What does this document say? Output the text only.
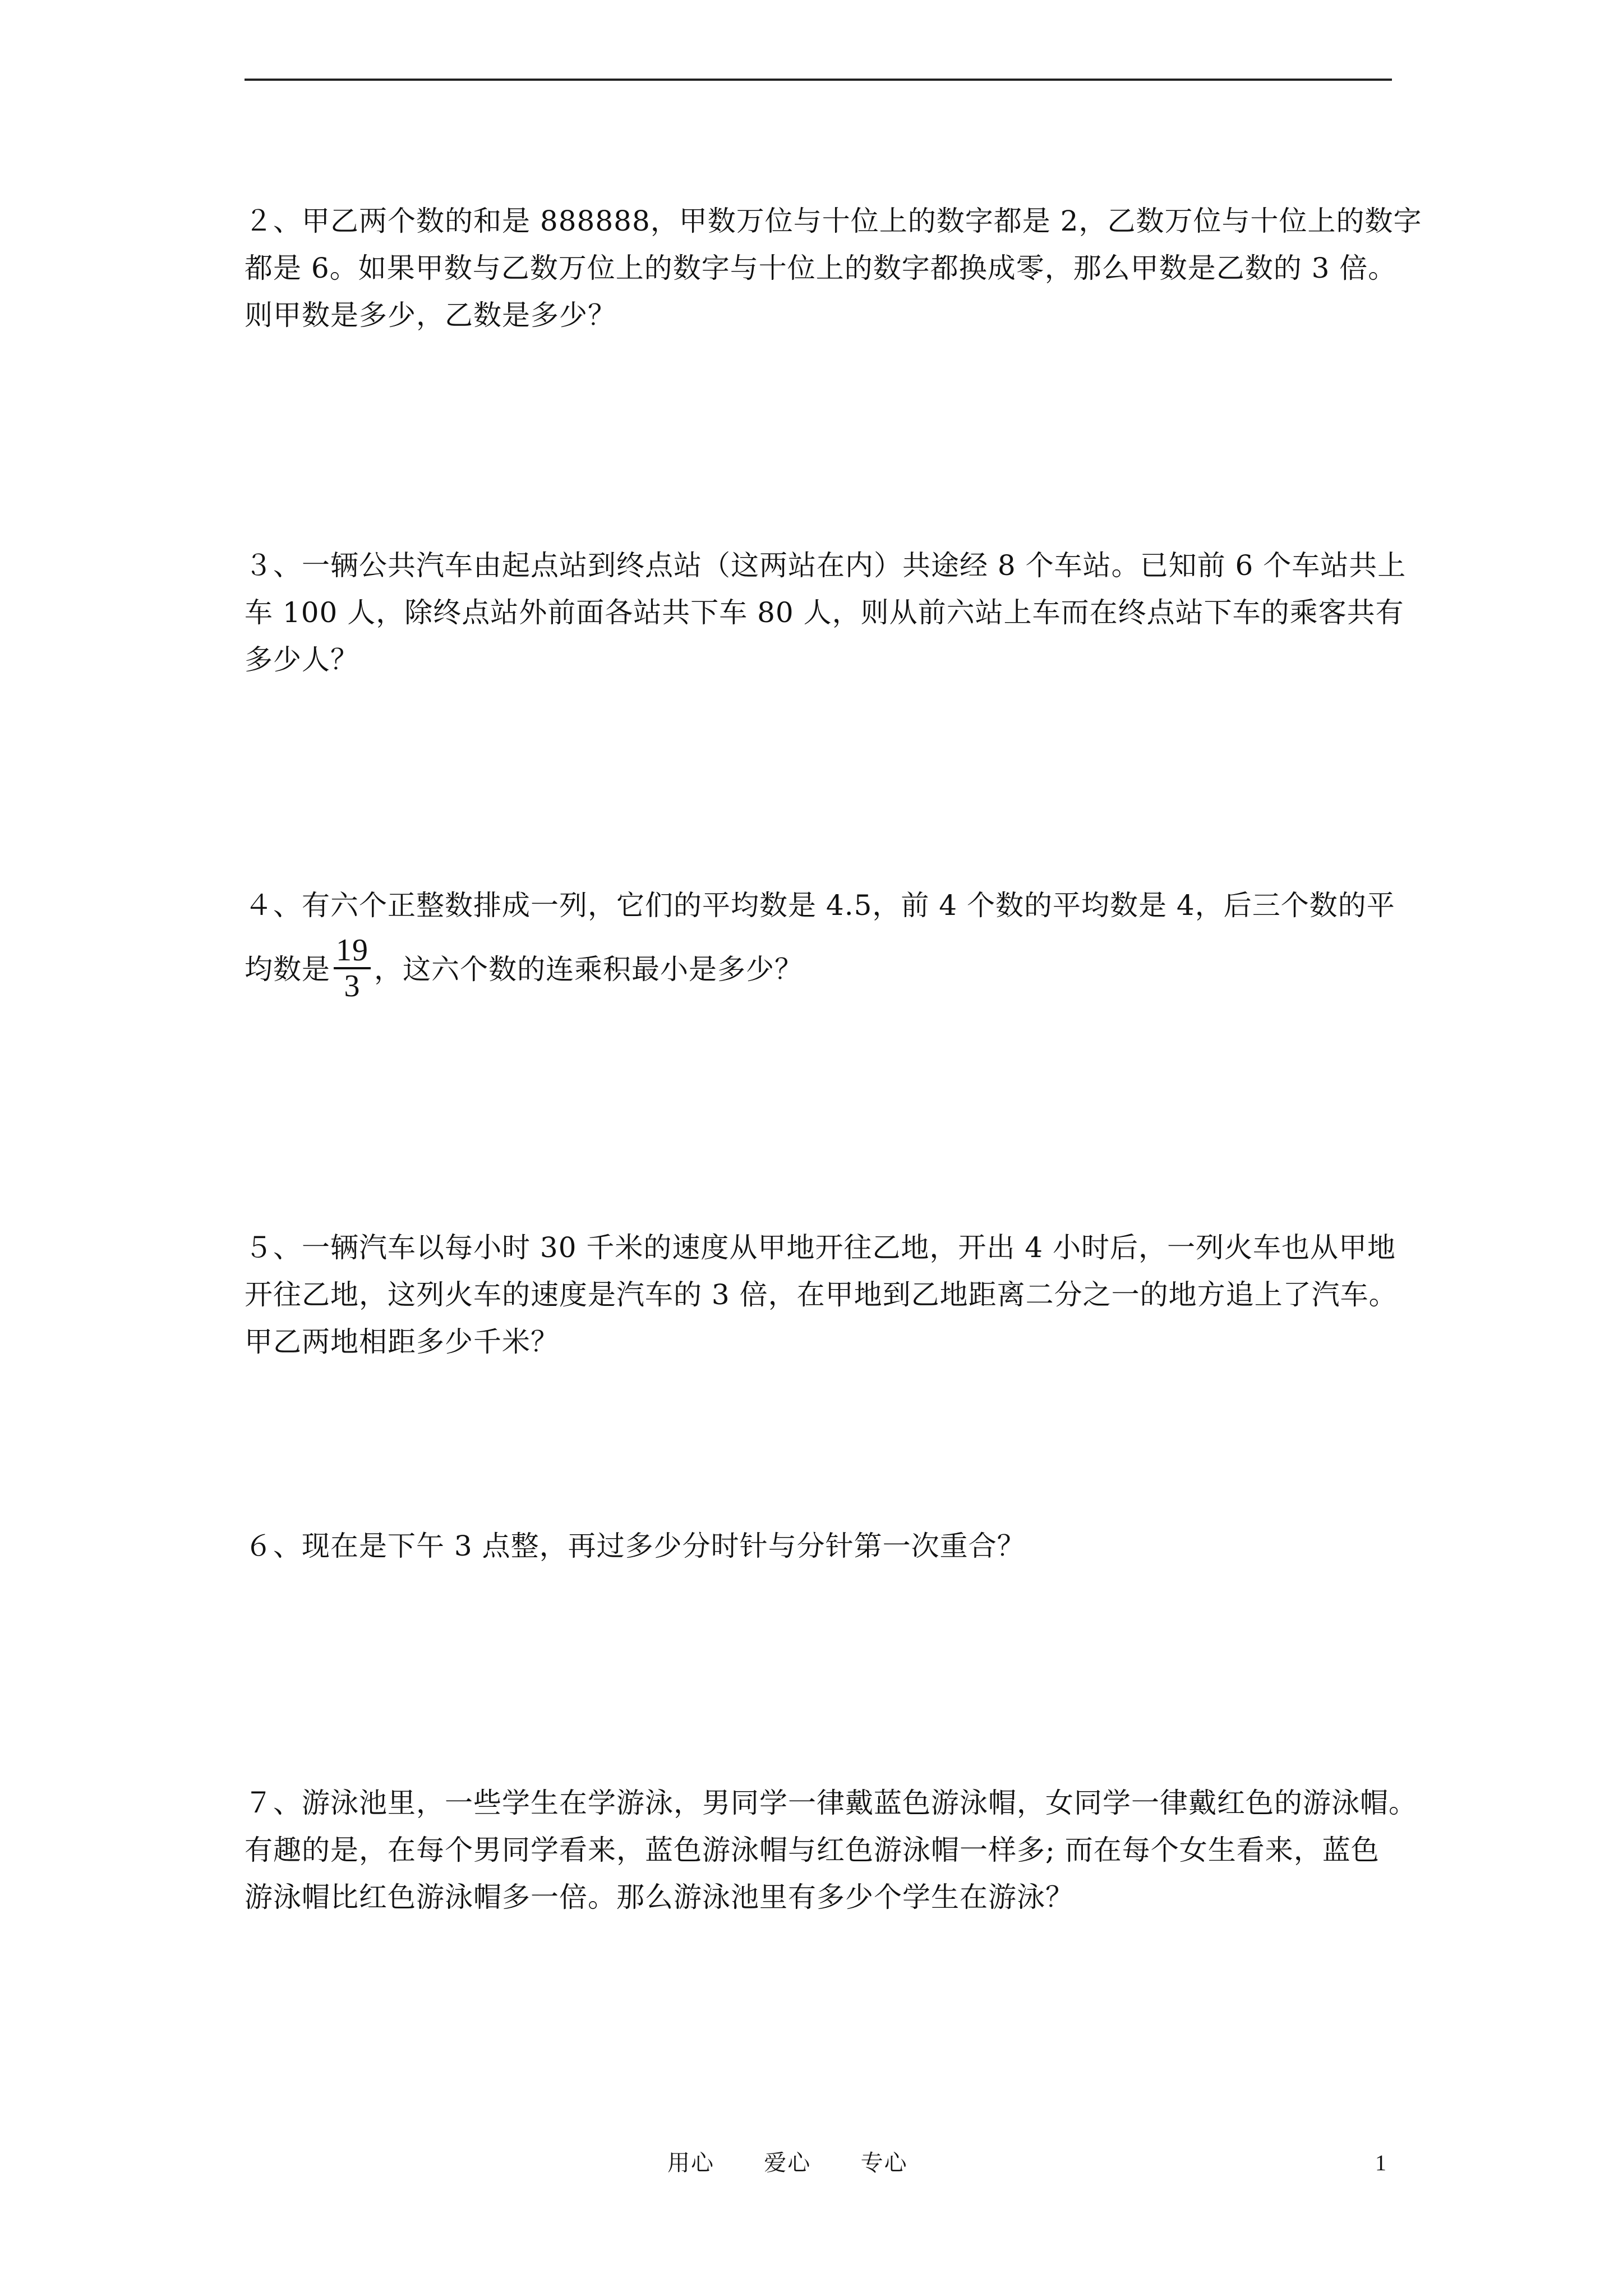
２、甲乙两个数的和是 888888，甲数万位与十位上的数字都是 2，乙数万位与十位上的数字
都是 6。如果甲数与乙数万位上的数字与十位上的数字都换成零，那么甲数是乙数的 3 倍。
则甲数是多少，乙数是多少？
３、一辆公共汽车由起点站到终点站（这两站在内）共途经 8 个车站。已知前 6 个车站共上
车 100 人，除终点站外前面各站共下车 80 人，则从前六站上车而在终点站下车的乘客共有
多少人？
４、有六个正整数排成一列，它们的平均数是 4.5，前 4 个数的平均数是 4，后三个数的平
均数是 $\frac{19}{3}$ ，这六个数的连乘积最小是多少？
５、一辆汽车以每小时 30 千米的速度从甲地开往乙地，开出 4 小时后，一列火车也从甲地
开往乙地，这列火车的速度是汽车的 3 倍，在甲地到乙地距离二分之一的地方追上了汽车。
甲乙两地相距多少千米？
６、现在是下午 3 点整，再过多少分时针与分针第一次重合？
７、游泳池里，一些学生在学游泳，男同学一律戴蓝色游泳帽，女同学一律戴红色的游泳帽。
有趣的是，在每个男同学看来，蓝色游泳帽与红色游泳帽一样多; 而在每个女生看来，蓝色
游泳帽比红色游泳帽多一倍。那么游泳池里有多少个学生在游泳？
用心      爱心      专心	1
